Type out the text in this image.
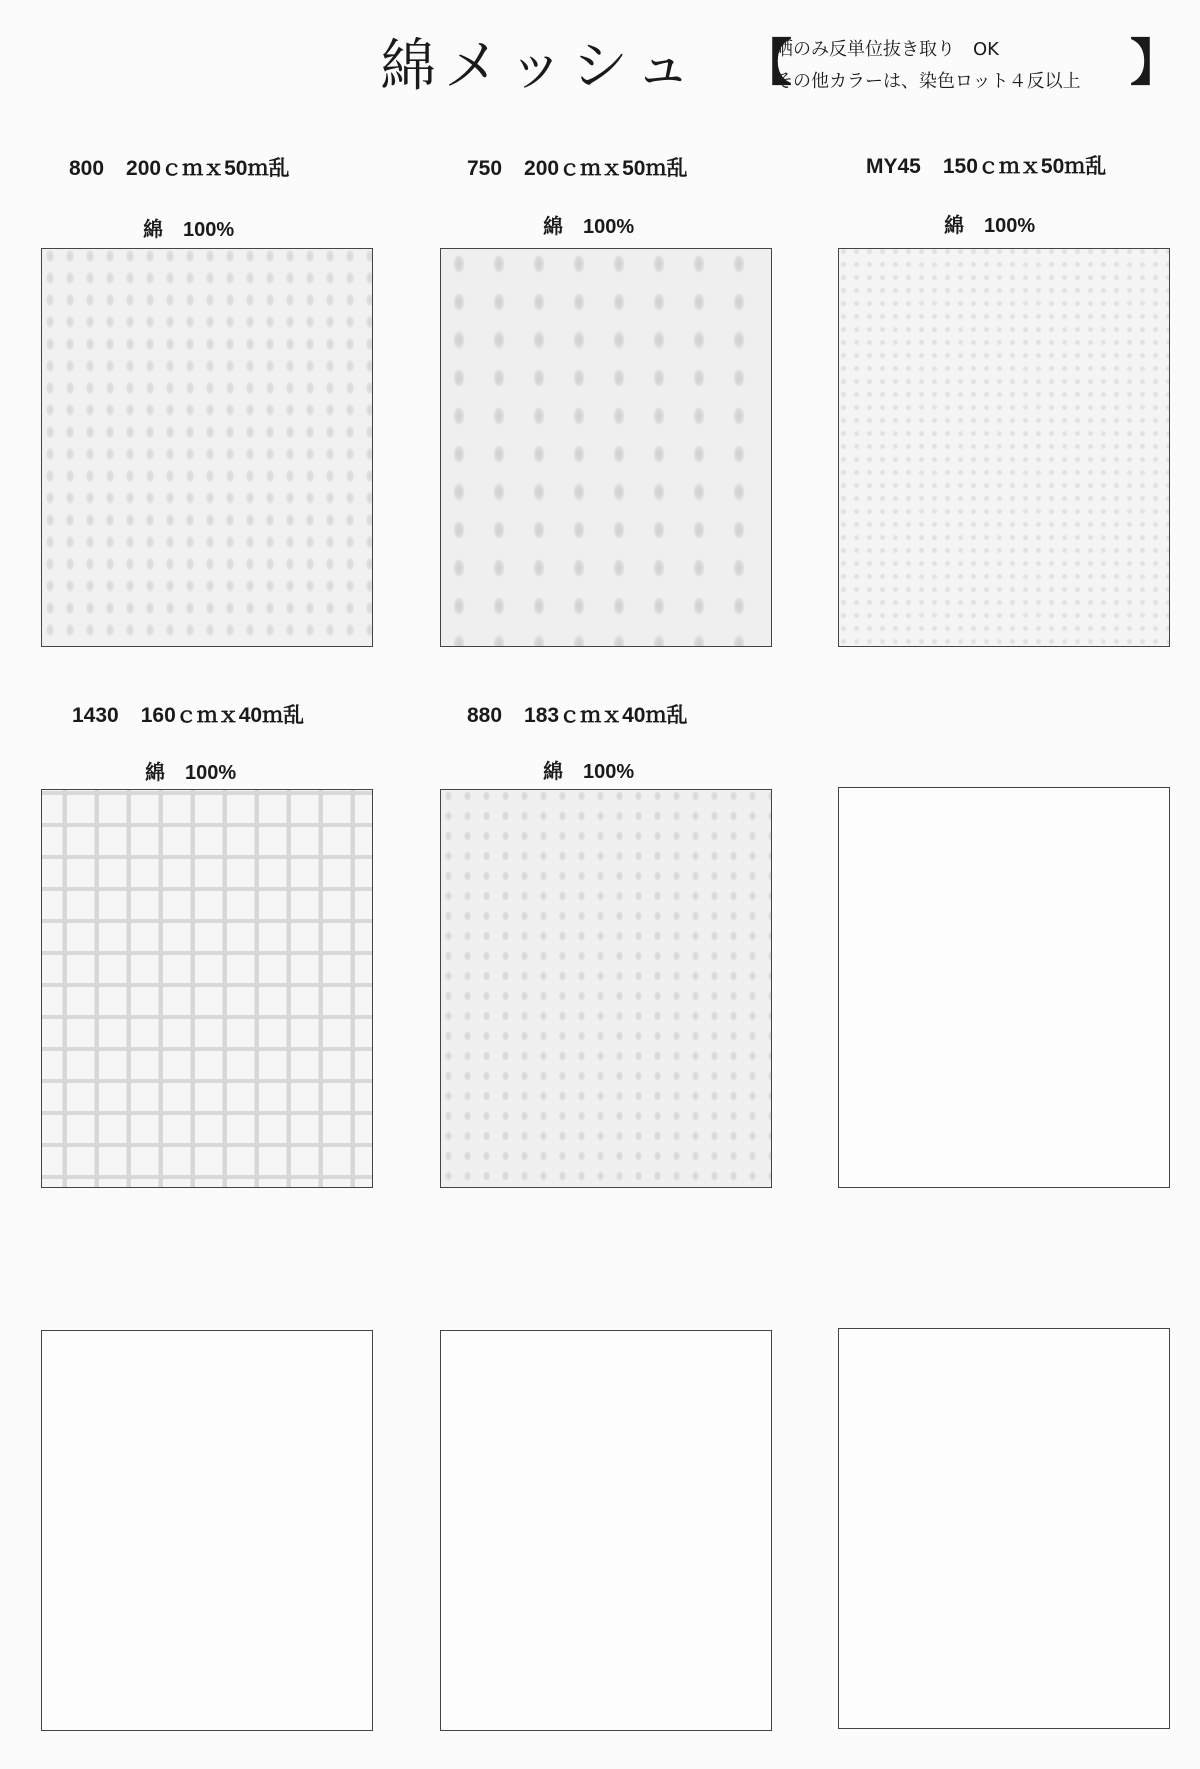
綿メッシュ 【
晒のみ反単位抜き取り　OK
その他カラーは、染色ロット４反以上 】
800 200ｃｍｘ50ｍ乱
綿 100%
750 200ｃｍｘ50ｍ乱
綿 100%
MY45 150ｃｍｘ50ｍ乱
綿 100%
1430 160ｃｍｘ40ｍ乱
綿 100%
880 183ｃｍｘ40ｍ乱
綿 100%
